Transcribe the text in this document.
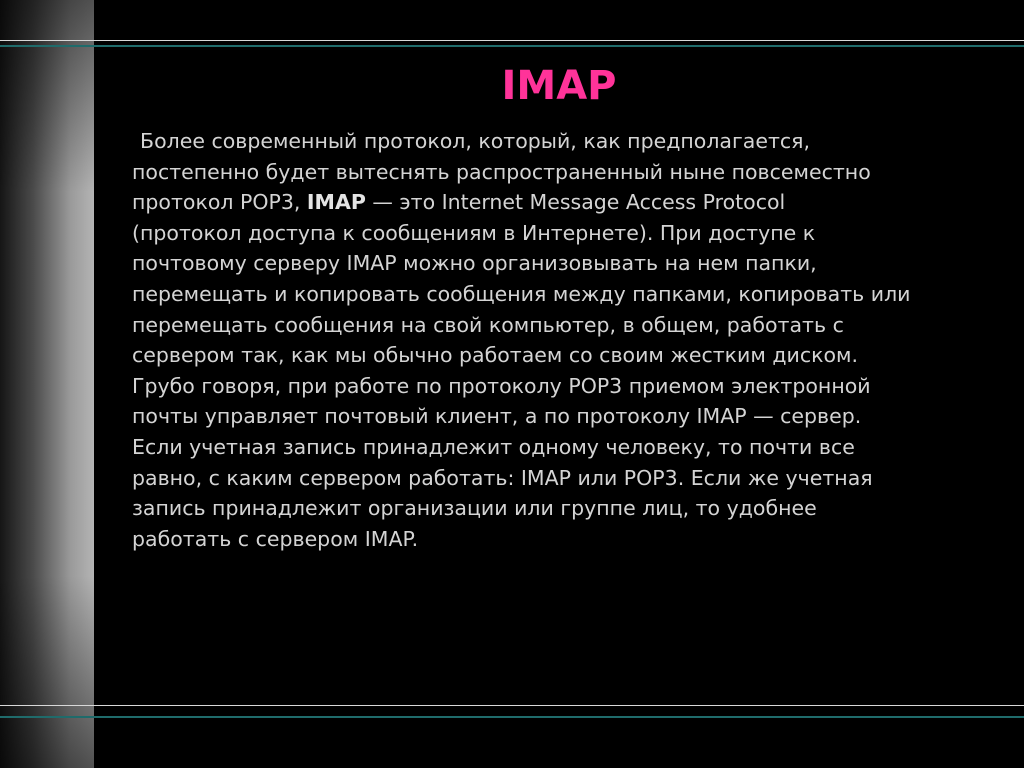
IMAP
Более современный протокол, который, как предполагается,
постепенно будет вытеснять распространенный ныне повсеместно
протокол POP3, IMAP — это Internet Message Access Protocol
(протокол доступа к сообщениям в Интернете). При доступе к
почтовому серверу IMAP можно организовывать на нем папки,
перемещать и копировать сообщения между папками, копировать или
перемещать сообщения на свой компьютер, в общем, работать с
сервером так, как мы обычно работаем со своим жестким диском.
Грубо говоря, при работе по протоколу POP3 приемом электронной
почты управляет почтовый клиент, а по протоколу IMAP — сервер.
Если учетная запись принадлежит одному человеку, то почти все
равно, с каким сервером работать: IMAP или POP3. Если же учетная
запись принадлежит организации или группе лиц, то удобнее
работать с сервером IMAP.
